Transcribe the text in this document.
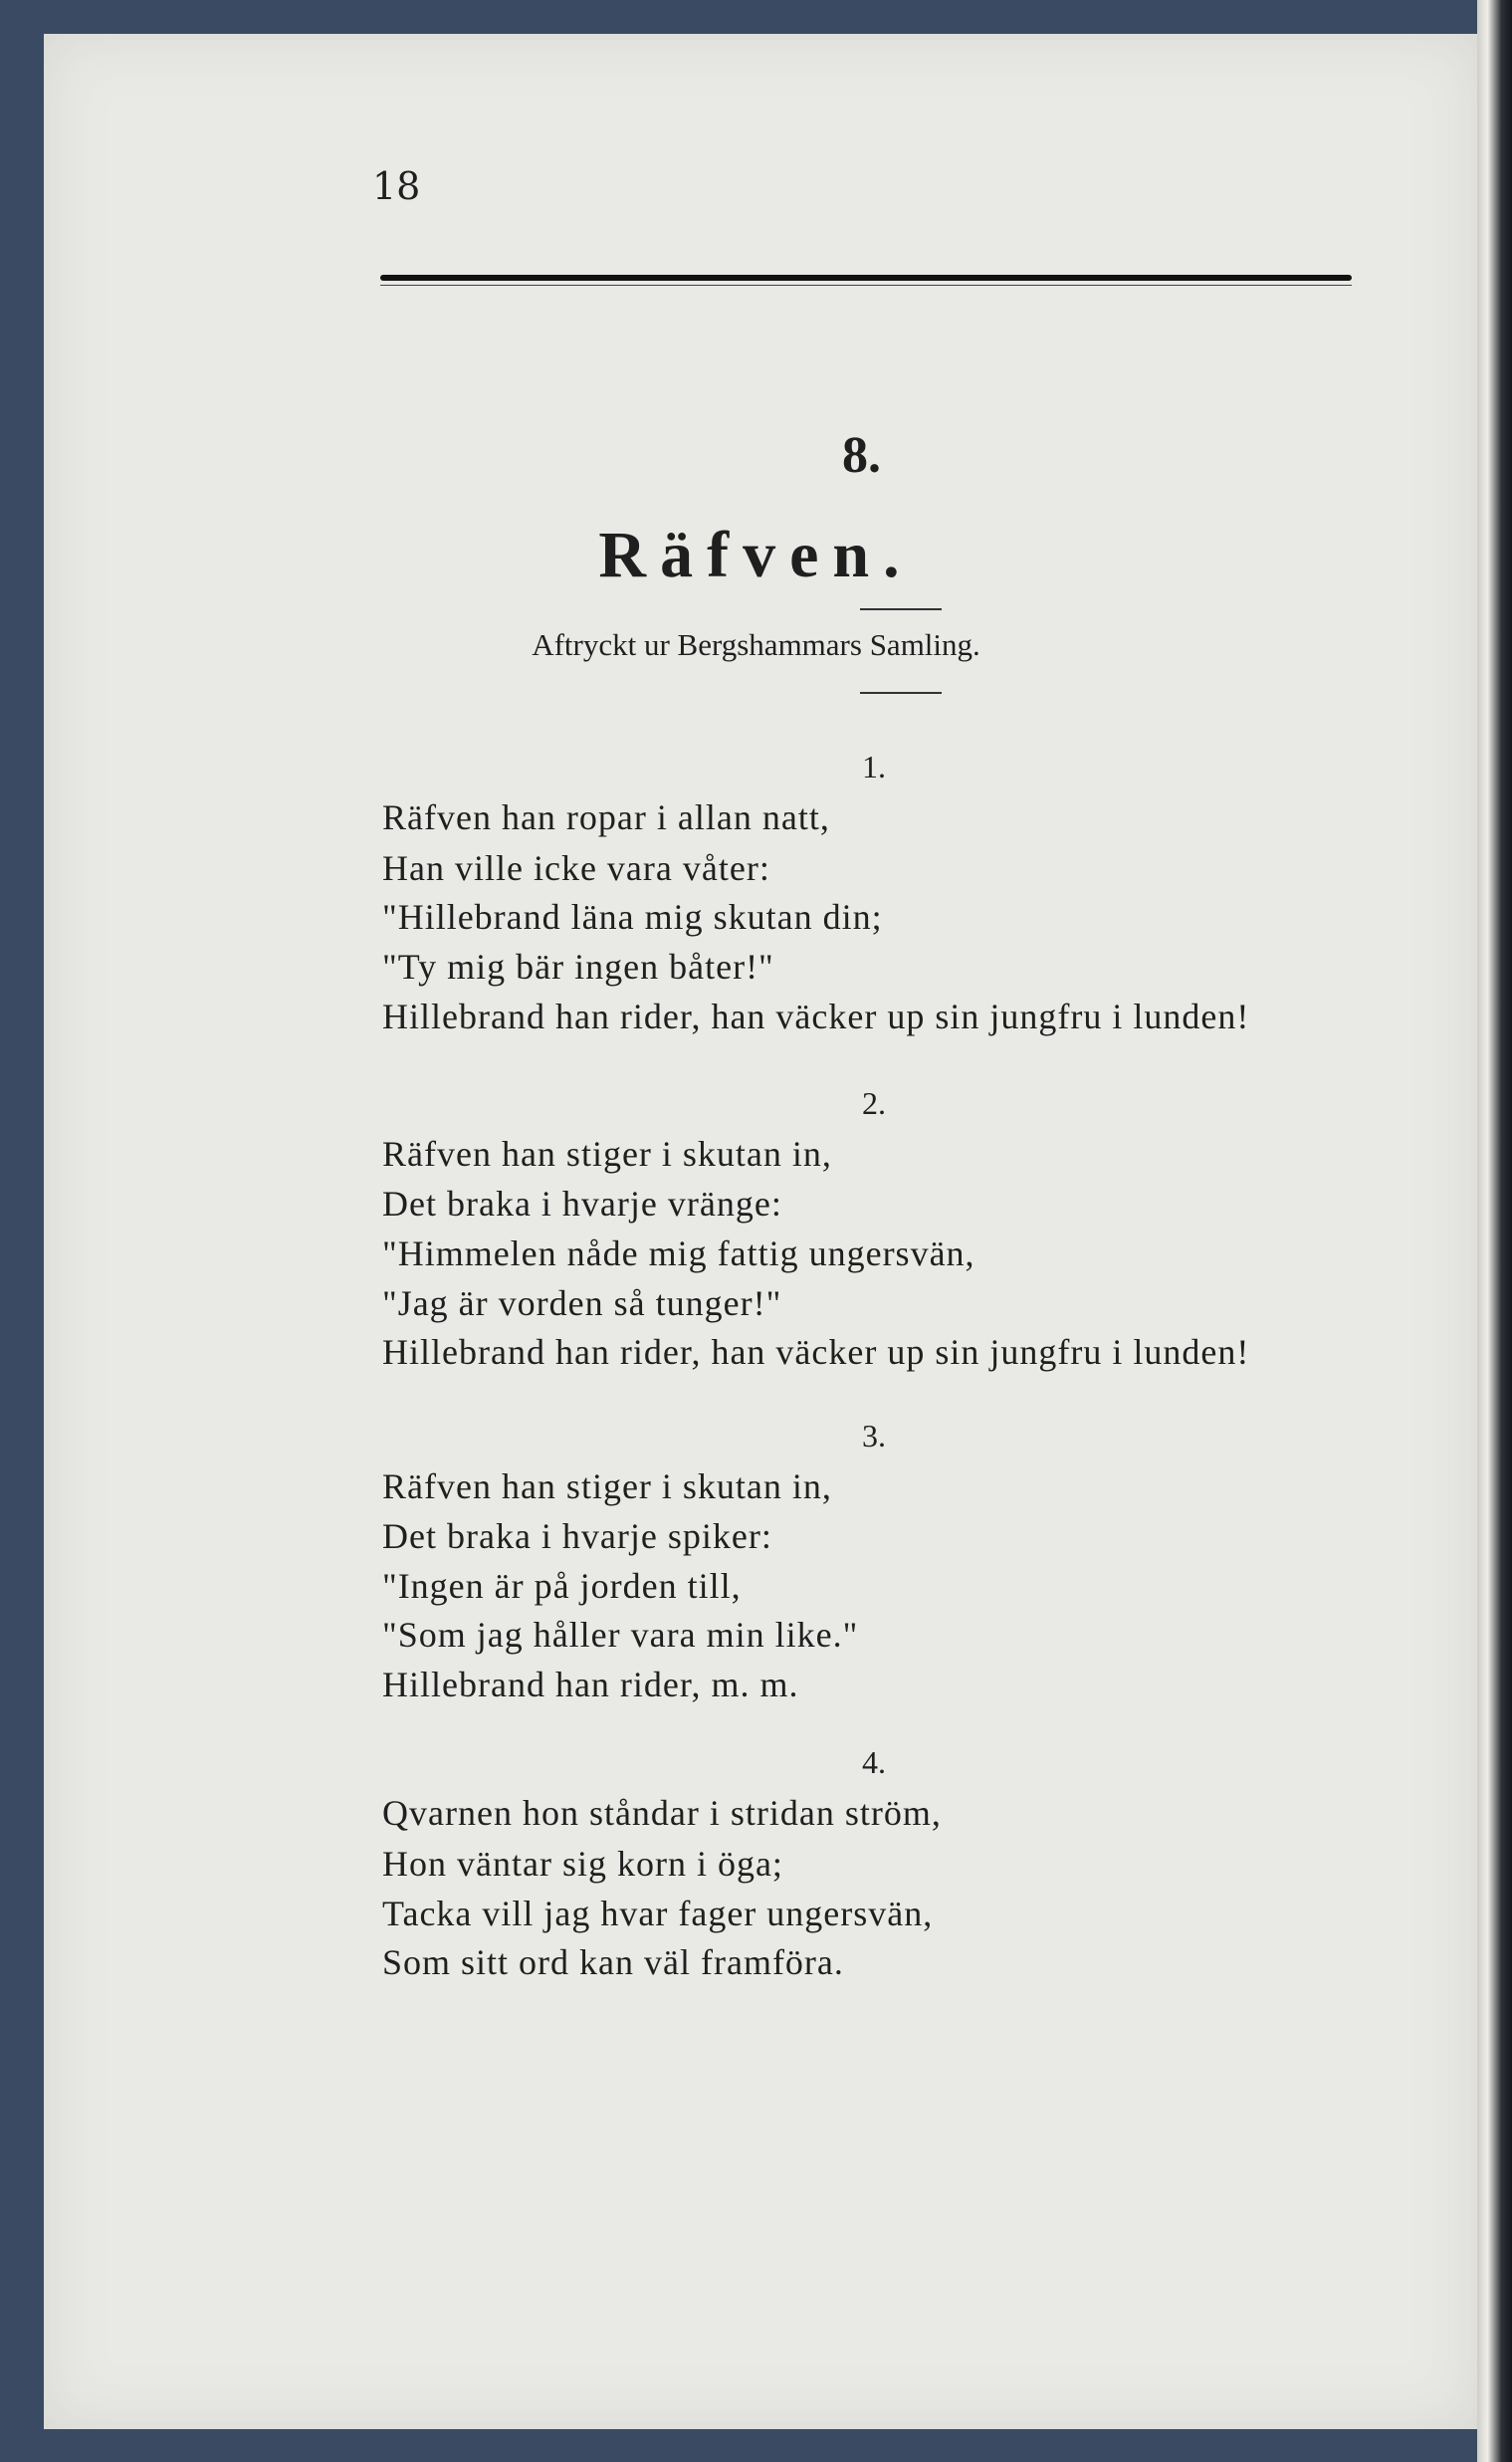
18
8.
Räfven.
Aftryckt ur Bergshammars Samling.
1.
Räfven han ropar i allan natt,
Han ville icke vara våter:
"Hillebrand läna mig skutan din;
"Ty mig bär ingen båter!"
Hillebrand han rider, han väcker up sin jungfru i lunden!
2.
Räfven han stiger i skutan in,
Det braka i hvarje vränge:
"Himmelen nåde mig fattig ungersvän,
"Jag är vorden så tunger!"
Hillebrand han rider, han väcker up sin jungfru i lunden!
3.
Räfven han stiger i skutan in,
Det braka i hvarje spiker:
"Ingen är på jorden till,
"Som jag håller vara min like."
Hillebrand han rider, m. m.
4.
Qvarnen hon ståndar i stridan ström,
Hon väntar sig korn i öga;
Tacka vill jag hvar fager ungersvän,
Som sitt ord kan väl framföra.
